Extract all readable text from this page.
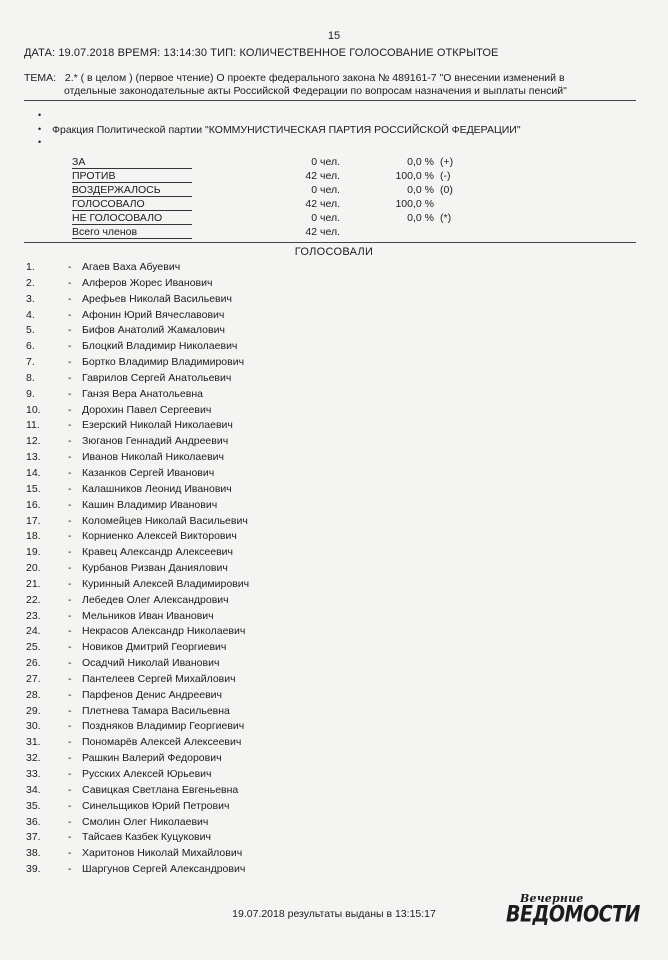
15
ДАТА: 19.07.2018 ВРЕМЯ: 13:14:30 ТИП: КОЛИЧЕСТВЕННОЕ ГОЛОСОВАНИЕ ОТКРЫТОЕ
ТЕМА: 2.* ( в целом ) (первое чтение) О проекте федерального закона № 489161-7 "О внесении изменений в
отдельные законодательные акты Российской Федерации по вопросам назначения и выплаты пенсий"
•
•
•
Фракция Политической партии "КОММУНИСТИЧЕСКАЯ ПАРТИЯ РОССИЙСКОЙ ФЕДЕРАЦИИ"
ЗА	0 чел.	0,0 % (+)
ПРОТИВ	42 чел.	100,0 % (-)
ВОЗДЕРЖАЛОСЬ	0 чел.	0,0 % (0)
ГОЛОСОВАЛО	42 чел.	100,0 %
НЕ ГОЛОСОВАЛО	0 чел.	0,0 % (*)
Всего членов	42 чел.
ГОЛОСОВАЛИ
1.	- Агаев Ваха Абуевич
2.	- Алферов Жорес Иванович
3.	- Арефьев Николай Васильевич
4.	- Афонин Юрий Вячеславович
5.	- Бифов Анатолий Жамалович
6.	- Блоцкий Владимир Николаевич
7.	- Бортко Владимир Владимирович
8.	- Гаврилов Сергей Анатольевич
9.	- Ганзя Вера Анатольевна
10.	- Дорохин Павел Сергеевич
11.	- Езерский Николай Николаевич
12.	- Зюганов Геннадий Андреевич
13.	- Иванов Николай Николаевич
14.	- Казанков Сергей Иванович
15.	- Калашников Леонид Иванович
16.	- Кашин Владимир Иванович
17.	- Коломейцев Николай Васильевич
18.	- Корниенко Алексей Викторович
19.	- Кравец Александр Алексеевич
20.	- Курбанов Ризван Даниялович
21.	- Куринный Алексей Владимирович
22.	- Лебедев Олег Александрович
23.	- Мельников Иван Иванович
24.	- Некрасов Александр Николаевич
25.	- Новиков Дмитрий Георгиевич
26.	- Осадчий Николай Иванович
27.	- Пантелеев Сергей Михайлович
28.	- Парфенов Денис Андреевич
29.	- Плетнева Тамара Васильевна
30.	- Поздняков Владимир Георгиевич
31.	- Пономарёв Алексей Алексеевич
32.	- Рашкин Валерий Федорович
33.	- Русских Алексей Юрьевич
34.	- Савицкая Светлана Евгеньевна
35.	- Синельщиков Юрий Петрович
36.	- Смолин Олег Николаевич
37.	- Тайсаев Казбек Куцукович
38.	- Харитонов Николай Михайлович
39.	- Шаргунов Сергей Александрович
19.07.2018 результаты выданы в 13:15:17
Вечерние
ВЕДОМОСТИ
